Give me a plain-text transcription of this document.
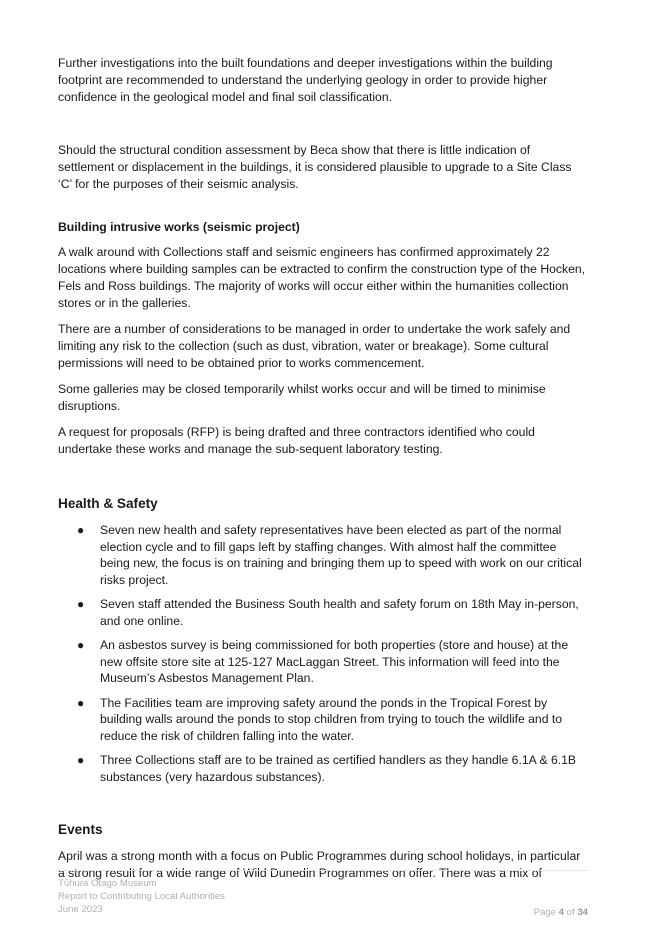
Further investigations into the built foundations and deeper investigations within the building footprint are recommended to understand the underlying geology in order to provide higher confidence in the geological model and final soil classification.

Should the structural condition assessment by Beca show that there is little indication of settlement or displacement in the buildings, it is considered plausible to upgrade to a Site Class ‘C’ for the purposes of their seismic analysis.

Building intrusive works (seismic project)

A walk around with Collections staff and seismic engineers has confirmed approximately 22 locations where building samples can be extracted to confirm the construction type of the Hocken, Fels and Ross buildings. The majority of works will occur either within the humanities collection stores or in the galleries.

There are a number of considerations to be managed in order to undertake the work safely and limiting any risk to the collection (such as dust, vibration, water or breakage). Some cultural permissions will need to be obtained prior to works commencement.

Some galleries may be closed temporarily whilst works occur and will be timed to minimise disruptions.

A request for proposals (RFP) is being drafted and three contractors identified who could undertake these works and manage the sub-sequent laboratory testing.

Health & Safety
● Seven new health and safety representatives have been elected as part of the normal election cycle and to fill gaps left by staffing changes. With almost half the committee being new, the focus is on training and bringing them up to speed with work on our critical risks project.
● Seven staff attended the Business South health and safety forum on 18th May in-person, and one online.
● An asbestos survey is being commissioned for both properties (store and house) at the new offsite store site at 125-127 MacLaggan Street. This information will feed into the Museum’s Asbestos Management Plan.
● The Facilities team are improving safety around the ponds in the Tropical Forest by building walls around the ponds to stop children from trying to touch the wildlife and to reduce the risk of children falling into the water.
● Three Collections staff are to be trained as certified handlers as they handle 6.1A & 6.1B substances (very hazardous substances).
Events

April was a strong month with a focus on Public Programmes during school holidays, in particular a strong result for a wide range of Wild Dunedin Programmes on offer. There was a mix of

Tūhura Otago Museum
Report to Contributing Local Authorities
June 2023	Page 4 of 34
